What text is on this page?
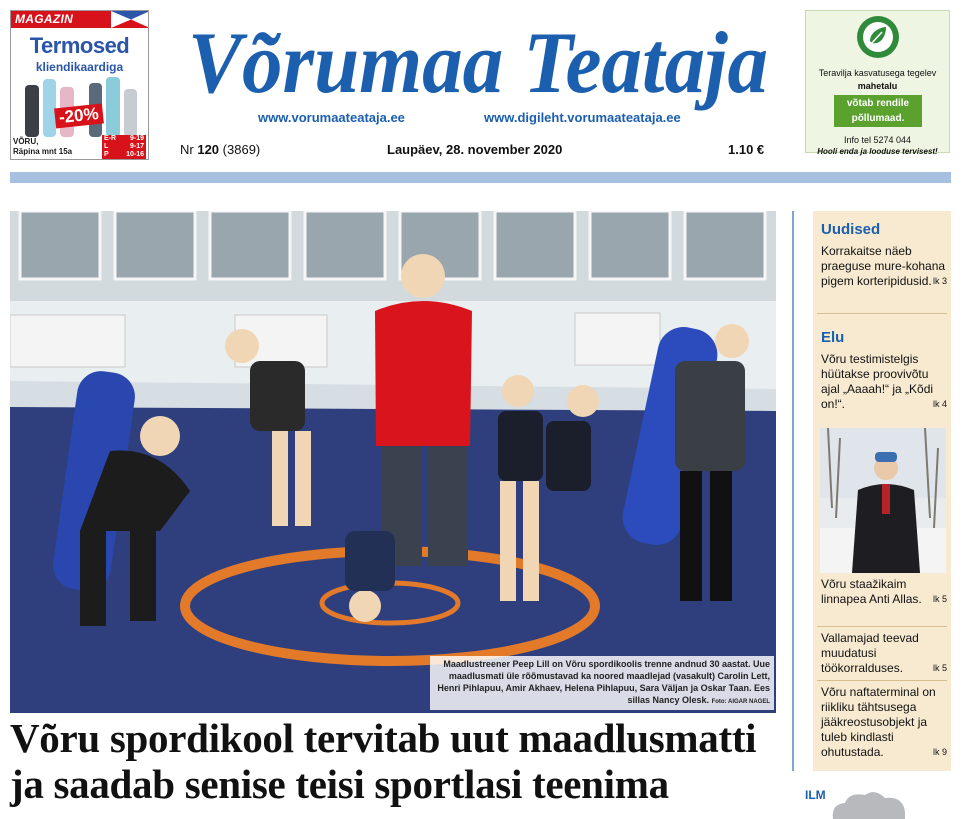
MAGAZIN
Termosed
kliendikaardiga
-20%
VÕRU,
Räpina mnt 15a
E-R 9-19
L	9-17
P 10-16
Võrumaa Teataja
www.vorumaateataja.ee	www.digileht.vorumaateataja.ee
Nr 120 (3869)	Laupäev, 28. november 2020	1.10 €
Teravilja kasvatusega tegelev
mahetalu
võtab rendile
põllumaad.
Info tel 5274 044
Hooli enda ja looduse tervisest!
Maadlustreener Peep Lill on Võru spordikoolis trenne andnud 30 aastat. Uue maadlusmati üle rõõmustavad ka noored maadlejad (vasakult) Carolin Lett, Henri Pihlapuu, Amir Akhaev, Helena Pihlapuu, Sara Väljan ja Oskar Taan. Ees sillas Nancy Olesk. Foto: AIGAR NAGEL
Võru spordikool tervitab uut maadlusmatti
ja saadab senise teisi sportlasi teenima
Uudised
Korrakaitse näeb praeguse mure-kohana pigem korteripidusid. lk 3
Elu
Võru testimistelgis hüütakse proovivõtu ajal „Aaaah!“ ja „Kõdi on!“.	lk 4
Võru staažikaim linnapea Anti Allas. lk 5
Vallamajad teevad muudatusi töökorralduses.	lk 5
Võru naftaterminal on riikliku tähtsusega jääkreostusobjekt ja tuleb kindlasti ohutustada.	lk 9
ILM
